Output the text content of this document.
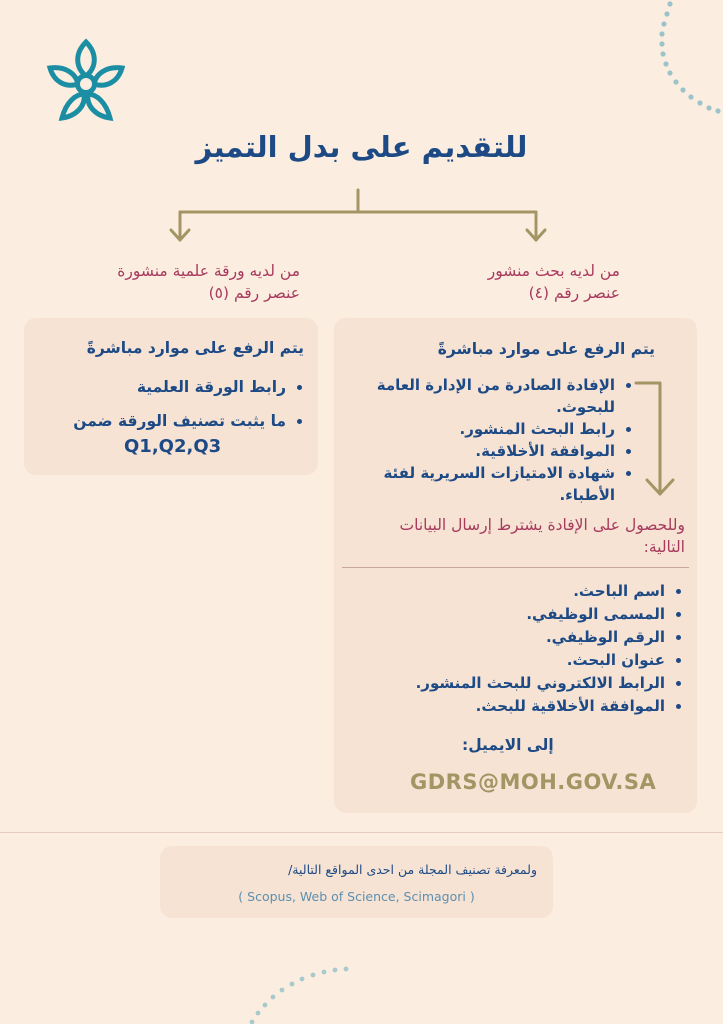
للتقديم على بدل التميز
من لديه ورقة علمية منشورة
عنصر رقم (٥)
من لديه بحث منشور
عنصر رقم (٤)
يتم الرفع على موارد مباشرةً
• رابط الورقة العلمية
• ما يثبت تصنيف الورقة ضمن
Q1,Q2,Q3
يتم الرفع على موارد مباشرةً
• الإفادة الصادرة من الإدارة العامة للبحوث.
• رابط البحث المنشور.
• الموافقة الأخلاقية.
• شهادة الامتيازات السريرية لفئة الأطباء.
وللحصول على الإفادة يشترط إرسال البيانات التالية:
• اسم الباحث.
• المسمى الوظيفي.
• الرقم الوظيفي.
• عنوان البحث.
• الرابط الالكتروني للبحث المنشور.
• الموافقة الأخلاقية للبحث.
إلى الايميل:
GDRS@MOH.GOV.SA
ولمعرفة تصنيف المجلة من احدى المواقع التالية/
( Scopus, Web of Science, Scimagori )
